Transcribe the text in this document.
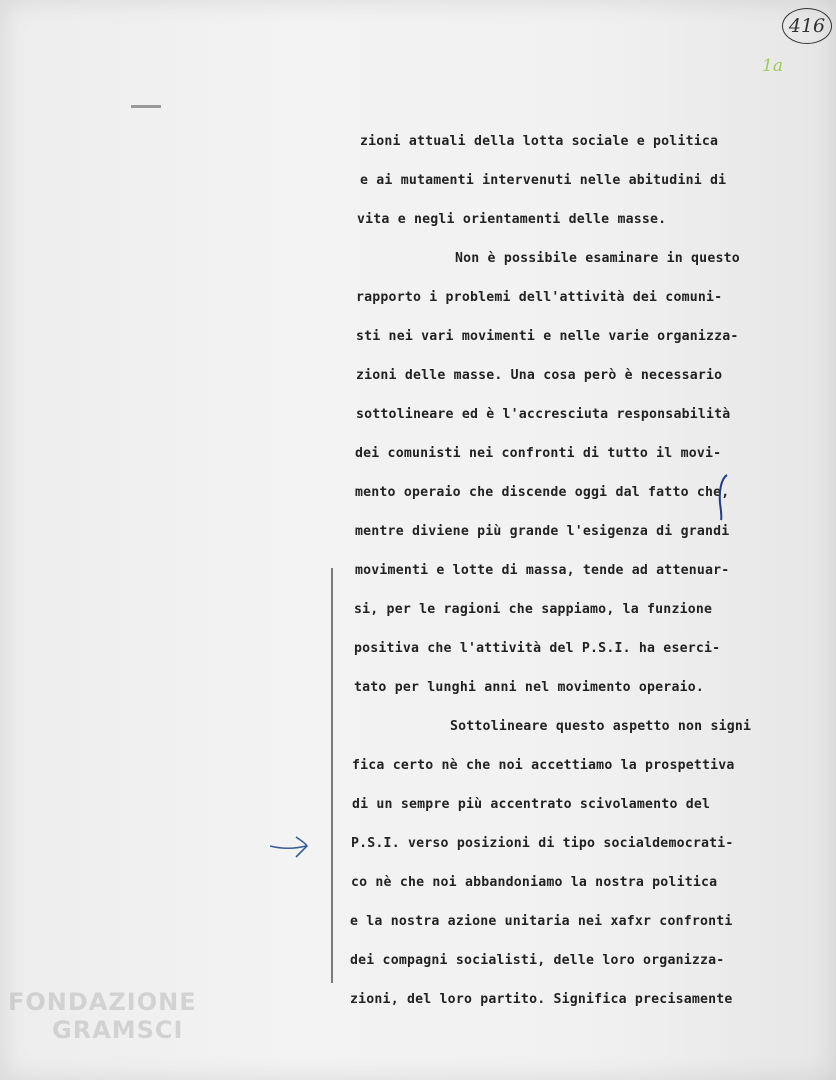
416
1a
zioni attuali della lotta sociale e politica
e ai mutamenti intervenuti nelle abitudini di
vita e negli orientamenti delle masse.
Non è possibile esaminare in questo
rapporto i problemi dell'attività dei comuni-
sti nei vari movimenti e nelle varie organizza-
zioni delle masse. Una cosa però è necessario
sottolineare ed è l'accresciuta responsabilità
dei comunisti nei confronti di tutto il movi-
mento operaio che discende oggi dal fatto che,
mentre diviene più grande l'esigenza di grandi
movimenti e lotte di massa, tende ad attenuar-
si, per le ragioni che sappiamo, la funzione
positiva che l'attività del P.S.I. ha eserci-
tato per lunghi anni nel movimento operaio.
Sottolineare questo aspetto non signi
fica certo nè che noi accettiamo la prospettiva
di un sempre più accentrato scivolamento del
P.S.I. verso posizioni di tipo socialdemocrati-
co nè che noi abbandoniamo la nostra politica
e la nostra azione unitaria nei xafxr confronti
dei compagni socialisti, delle loro organizza-
zioni, del loro partito. Significa precisamente
FONDAZIONE
GRAMSCI
